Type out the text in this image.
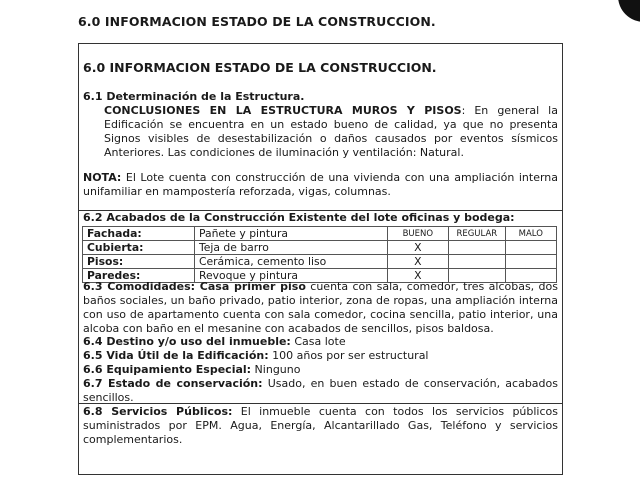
6.0 INFORMACION ESTADO DE LA CONSTRUCCION.
6.0 INFORMACION ESTADO DE LA CONSTRUCCION.
6.1 Determinación de la Estructura.
CONCLUSIONES EN LA ESTRUCTURA MUROS Y PISOS: En general la Edificación se encuentra en un estado bueno de calidad, ya que no presenta Signos visibles de desestabilización o daños causados por eventos sísmicos Anteriores. Las condiciones de iluminación y ventilación: Natural.
NOTA: El Lote cuenta con construcción de una vivienda con una ampliación interna unifamiliar en mampostería reforzada, vigas, columnas.
6.2 Acabados de la Construcción Existente del lote oficinas y bodega:
Fachada:	Pañete y pintura	BUENO	REGULAR	MALO
Cubierta:	Teja de barro	X		
Pisos:	Cerámica, cemento liso	X		
Paredes:	Revoque y pintura	X		
6.3 Comodidades: Casa primer piso cuenta con sala, comedor, tres alcobas, dos baños sociales, un baño privado, patio interior, zona de ropas, una ampliación interna con uso de apartamento cuenta con sala comedor, cocina sencilla, patio interior, una alcoba con baño en el mesanine con acabados de sencillos, pisos baldosa.
6.4 Destino y/o uso del inmueble: Casa lote
6.5 Vida Útil de la Edificación: 100 años por ser estructural
6.6 Equipamiento Especial: Ninguno
6.7 Estado de conservación: Usado, en buen estado de conservación, acabados sencillos.
6.8 Servicios Públicos: El inmueble cuenta con todos los servicios públicos suministrados por EPM. Agua, Energía, Alcantarillado Gas, Teléfono y servicios complementarios.
